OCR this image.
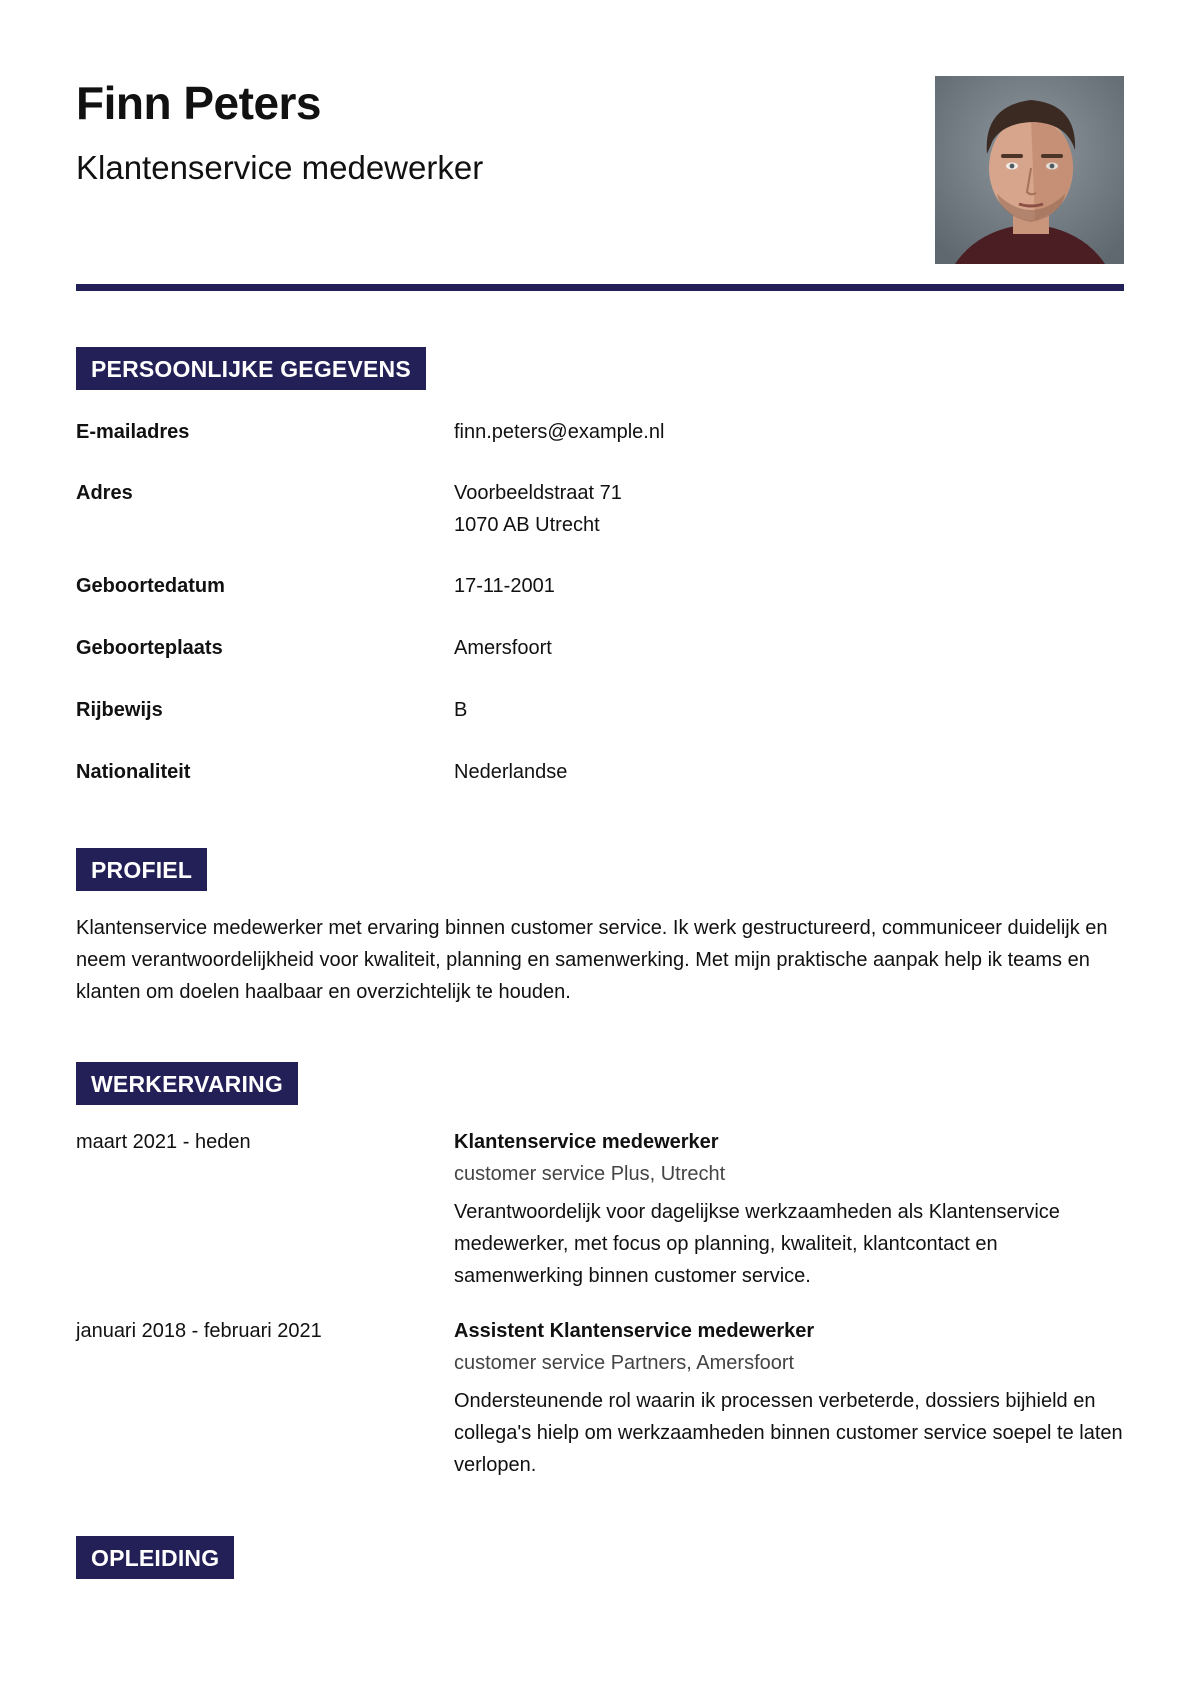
Finn Peters
Klantenservice medewerker
PERSOONLIJKE GEGEVENS
E-mailadres	finn.peters@example.nl
Adres	Voorbeeldstraat 71
1070 AB Utrecht
Geboortedatum	17-11-2001
Geboorteplaats	Amersfoort
Rijbewijs	B
Nationaliteit	Nederlandse
PROFIEL
Klantenservice medewerker met ervaring binnen customer service. Ik werk gestructureerd, communiceer duidelijk en neem verantwoordelijkheid voor kwaliteit, planning en samenwerking. Met mijn praktische aanpak help ik teams en klanten om doelen haalbaar en overzichtelijk te houden.
WERKERVARING
maart 2021 - heden	Klantenservice medewerker
customer service Plus, Utrecht
Verantwoordelijk voor dagelijkse werkzaamheden als Klantenservice medewerker, met focus op planning, kwaliteit, klantcontact en samenwerking binnen customer service.
januari 2018 - februari 2021	Assistent Klantenservice medewerker
customer service Partners, Amersfoort
Ondersteunende rol waarin ik processen verbeterde, dossiers bijhield en collega's hielp om werkzaamheden binnen customer service soepel te laten verlopen.
OPLEIDING
